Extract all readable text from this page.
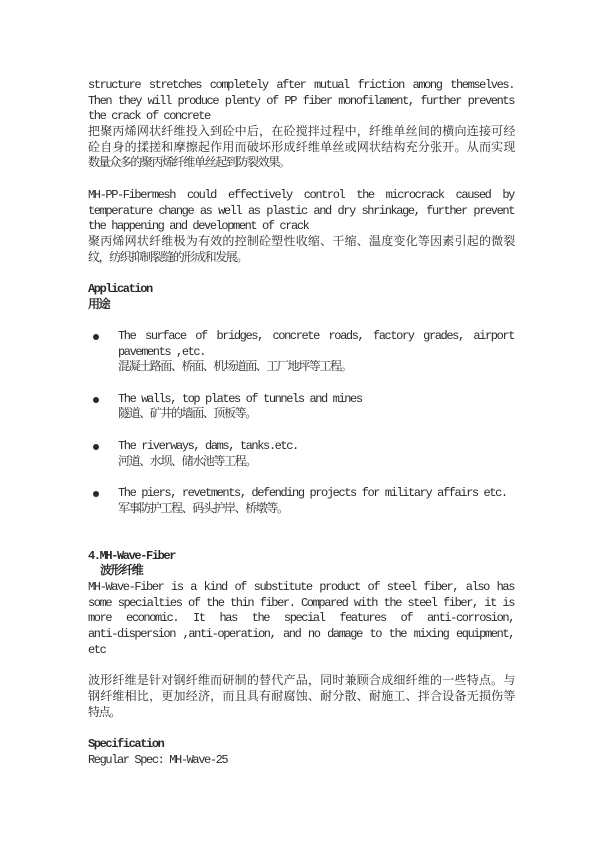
structure stretches completely after mutual friction among themselves.
Then they will produce plenty of PP fiber monofilament, further prevents
the crack of concrete
把聚丙烯网状纤维投入到砼中后，在砼搅拌过程中，纤维单丝间的横向连接可经
砼自身的揉搓和摩擦起作用而破坏形成纤维单丝或网状结构充分张开。从而实现
数量众多的聚丙烯纤维单丝起到防裂效果。
MH-PP-Fibermesh could effectively control the microcrack caused by
temperature change as well as plastic and dry shrinkage, further prevent
the happening and development of crack
聚丙烯网状纤维极为有效的控制砼塑性收缩、干缩、温度变化等因素引起的微裂
纹，纺织抑制裂缝的形成和发展。
Application
用途
The surface of bridges, concrete roads, factory grades, airport
pavements ,etc.
混凝土路面、桥面、机场道面、工厂地坪等工程。
The walls, top plates of tunnels and mines
隧道、矿井的墙面、顶板等。
The riverways, dams, tanks.etc.
河道、水坝、储水池等工程。
The piers, revetments, defending projects for military affairs etc.
军事防护工程、码头护岸、桥墩等。
4.MH-Wave-Fiber
波形纤维
MH-Wave-Fiber is a kind of substitute product of steel fiber, also has
some specialties of the thin fiber. Compared with the steel fiber, it is
more economic. It has the special features of anti-corrosion,
anti-dispersion ,anti-operation, and no damage to the mixing equipment,
etc
波形纤维是针对钢纤维而研制的替代产品，同时兼顾合成细纤维的一些特点。与
钢纤维相比，更加经济，而且具有耐腐蚀、耐分散、耐施工、拌合设备无损伤等
特点。
Specification
Regular Spec: MH-Wave-25
